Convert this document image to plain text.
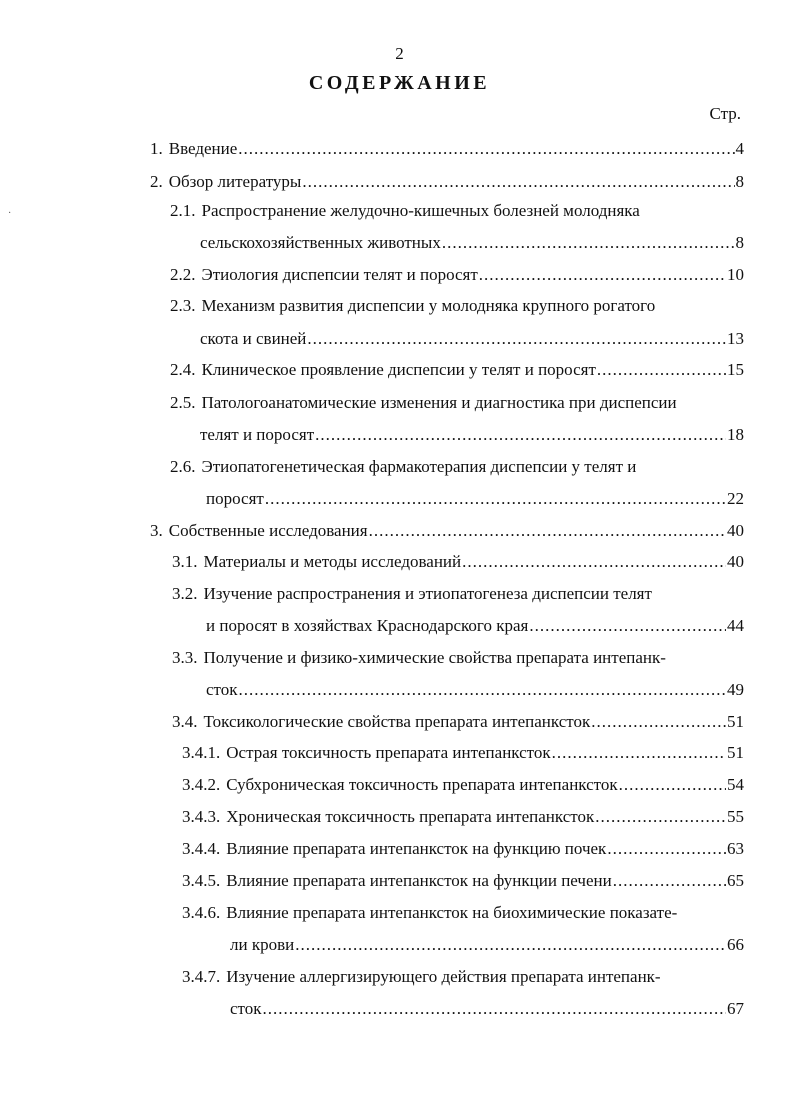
2
СОДЕРЖАНИЕ
Стр.
·
1. Введение .....	4
2. Обзор литературы .....	8
2.1. Распространение желудочно-кишечных болезней молодняка
сельскохозяйственных животных .....	8
2.2. Этиология диспепсии телят и поросят .....	10
2.3. Механизм развития диспепсии у молодняка крупного рогатого
скота и свиней .....	13
2.4. Клиническое проявление диспепсии у телят и поросят .....	15
2.5. Патологоанатомические изменения и диагностика при диспепсии
телят и поросят .....	18
2.6. Этиопатогенетическая фармакотерапия диспепсии у телят и
поросят .....	22
3. Собственные исследования .....	40
3.1. Материалы и методы исследований .....	40
3.2. Изучение распространения и этиопатогенеза диспепсии телят
и поросят в хозяйствах Краснодарского края .....	44
3.3. Получение и физико-химические свойства препарата интепанк-
сток .....	49
3.4. Токсикологические свойства препарата интепанксток .....	51
3.4.1. Острая токсичность препарата интепанксток .....	51
3.4.2. Субхроническая токсичность препарата интепанксток .....	54
3.4.3. Хроническая токсичность препарата интепанксток .....	55
3.4.4. Влияние препарата интепанксток на функцию почек .....	63
3.4.5. Влияние препарата интепанксток на функции печени .....	65
3.4.6. Влияние препарата интепанксток на биохимические показате-
ли крови .....	66
3.4.7. Изучение аллергизирующего действия препарата интепанк-
сток .....	67
